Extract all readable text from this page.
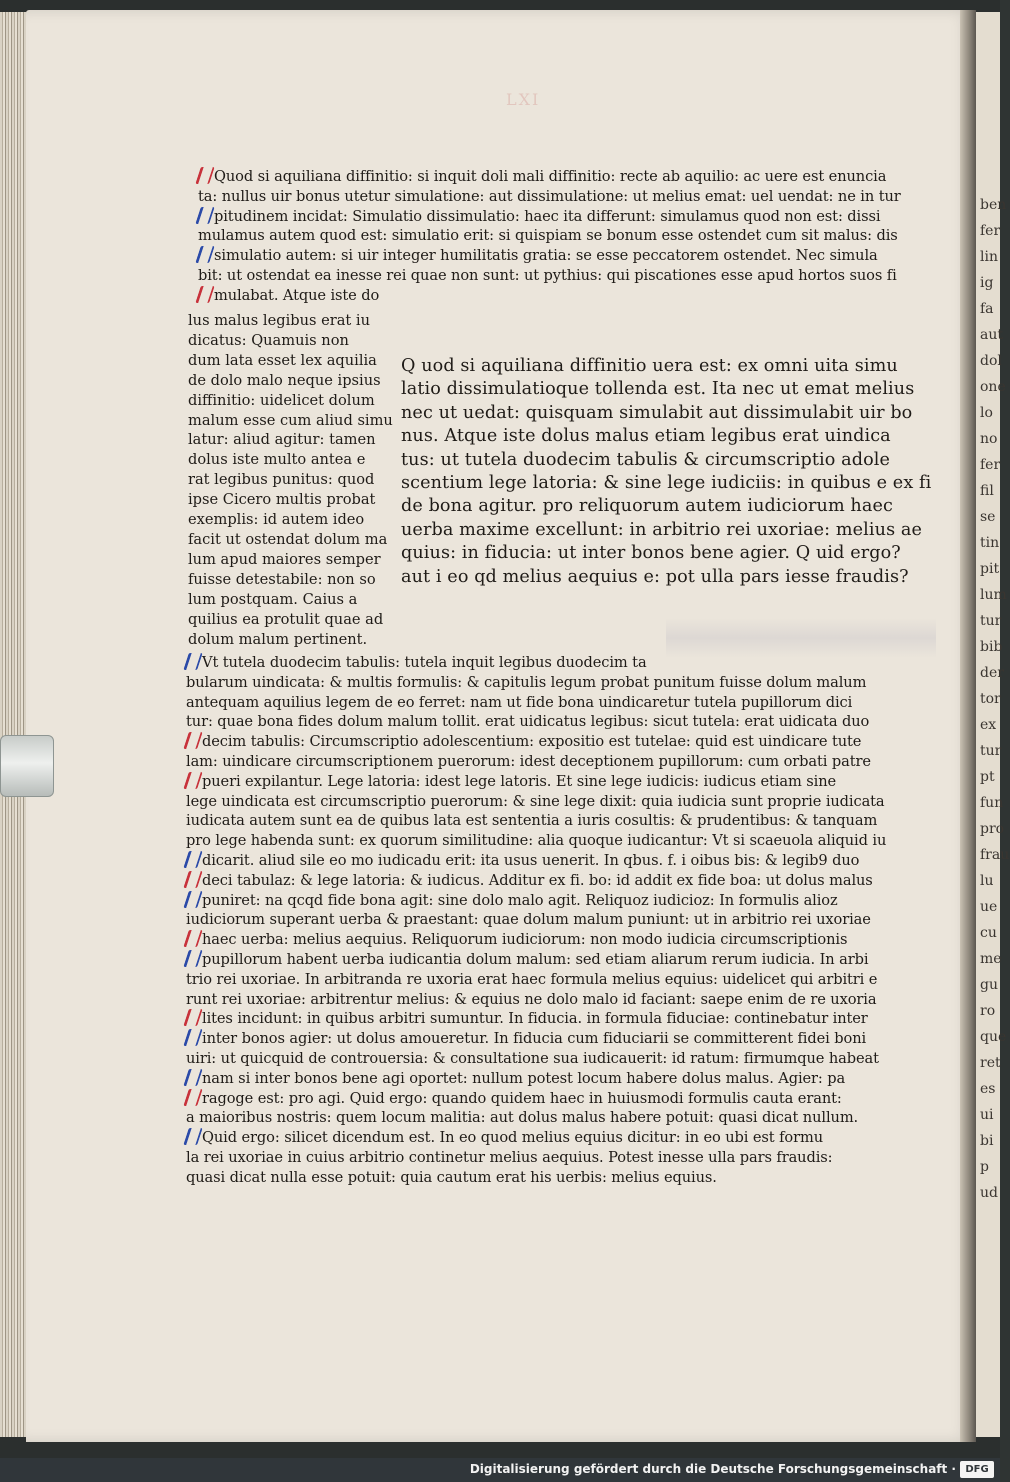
LXI
Quod si aquiliana diffinitio: si inquit doli mali diffinitio: recte ab aquilio: ac uere est enuncia
ta: nullus uir bonus utetur simulatione: aut dissimulatione: ut melius emat: uel uendat: ne in tur
pitudinem incidat: Simulatio dissimulatio: haec ita differunt: simulamus quod non est: dissi
mulamus autem quod est: simulatio erit: si quispiam se bonum esse ostendet cum sit malus: dis
simulatio autem: si uir integer humilitatis gratia: se esse peccatorem ostendet. Nec simula
bit: ut ostendat ea inesse rei quae non sunt: ut pythius: qui piscationes esse apud hortos suos fi
mulabat. Atque iste do
lus malus legibus erat iu
dicatus: Quamuis non
dum lata esset lex aquilia
de dolo malo neque ipsius
diffinitio: uidelicet dolum
malum esse cum aliud simu
latur: aliud agitur: tamen
dolus iste multo antea e
rat legibus punitus: quod
ipse Cicero multis probat
exemplis: id autem ideo
facit ut ostendat dolum ma
lum apud maiores semper
fuisse detestabile: non so
lum postquam. Caius a
quilius ea protulit quae ad
dolum malum pertinent.
Q uod si aquiliana diffinitio uera est: ex omni uita simu
latio dissimulatioque tollenda est. Ita nec ut emat melius
nec ut uedat: quisquam simulabit aut dissimulabit uir bo
nus. Atque iste dolus malus etiam legibus erat uindica
tus: ut tutela duodecim tabulis & circumscriptio adole
scentium lege latoria: & sine lege iudiciis: in quibus e ex fi
de bona agitur. pro reliquorum autem iudiciorum haec
uerba maxime excellunt: in arbitrio rei uxoriae: melius ae
quius: in fiducia: ut inter bonos bene agier. Q uid ergo?
aut i eo qd melius aequius e: pot ulla pars iesse fraudis?
Vt tutela duodecim tabulis: tutela inquit legibus duodecim ta
bularum uindicata: & multis formulis: & capitulis legum probat punitum fuisse dolum malum
antequam aquilius legem de eo ferret: nam ut fide bona uindicaretur tutela pupillorum dici
tur: quae bona fides dolum malum tollit. erat uidicatus legibus: sicut tutela: erat uidicata duo
decim tabulis: Circumscriptio adolescentium: expositio est tutelae: quid est uindicare tute
lam: uindicare circumscriptionem puerorum: idest deceptionem pupillorum: cum orbati patre
pueri expilantur. Lege latoria: idest lege latoris. Et sine lege iudicis: iudicus etiam sine
lege uindicata est circumscriptio puerorum: & sine lege dixit: quia iudicia sunt proprie iudicata
iudicata autem sunt ea de quibus lata est sententia a iuris cosultis: & prudentibus: & tanquam
pro lege habenda sunt: ex quorum similitudine: alia quoque iudicantur: Vt si scaeuola aliquid iu
dicarit. aliud sile eo mo iudicadu erit: ita usus uenerit. In qbus. f. i oibus bis: & legib9 duo
deci tabulaz: & lege latoria: & iudicus. Additur ex fi. bo: id addit ex fide boa: ut dolus malus
puniret: na qcqd fide bona agit: sine dolo malo agit. Reliquoz iudicioz: In formulis alioz
iudiciorum superant uerba & praestant: quae dolum malum puniunt: ut in arbitrio rei uxoriae
haec uerba: melius aequius. Reliquorum iudiciorum: non modo iudicia circumscriptionis
pupillorum habent uerba iudicantia dolum malum: sed etiam aliarum rerum iudicia. In arbi
trio rei uxoriae. In arbitranda re uxoria erat haec formula melius equius: uidelicet qui arbitri e
runt rei uxoriae: arbitrentur melius: & equius ne dolo malo id faciant: saepe enim de re uxoria
lites incidunt: in quibus arbitri sumuntur. In fiducia. in formula fiduciae: continebatur inter
inter bonos agier: ut dolus amoueretur. In fiducia cum fiduciarii se committerent fidei boni
uiri: ut quicquid de controuersia: & consultatione sua iudicauerit: id ratum: firmumque habeat
nam si inter bonos bene agi oportet: nullum potest locum habere dolus malus. Agier: pa
ragoge est: pro agi. Quid ergo: quando quidem haec in huiusmodi formulis cauta erant:
a maioribus nostris: quem locum malitia: aut dolus malus habere potuit: quasi dicat nullum.
Quid ergo: silicet dicendum est. In eo quod melius equius dicitur: in eo ubi est formu
la rei uxoriae in cuius arbitrio continetur melius aequius. Potest inesse ulla pars fraudis:
quasi dicat nulla esse potuit: quia cautum erat his uerbis: melius equius.
ben
fer
lin
ig
fa
aut
dol
one
lo
no
fer
fil
se
tin
pit
lum
tur
bib
der
tor
ex
tur
pt
fun
pro
frau
lu
ue
cu
me
gu
ro
que
ret
es
ui
bi
p
ud
Digitalisierung gefördert durch die Deutsche Forschungsgemeinschaft · DFG
